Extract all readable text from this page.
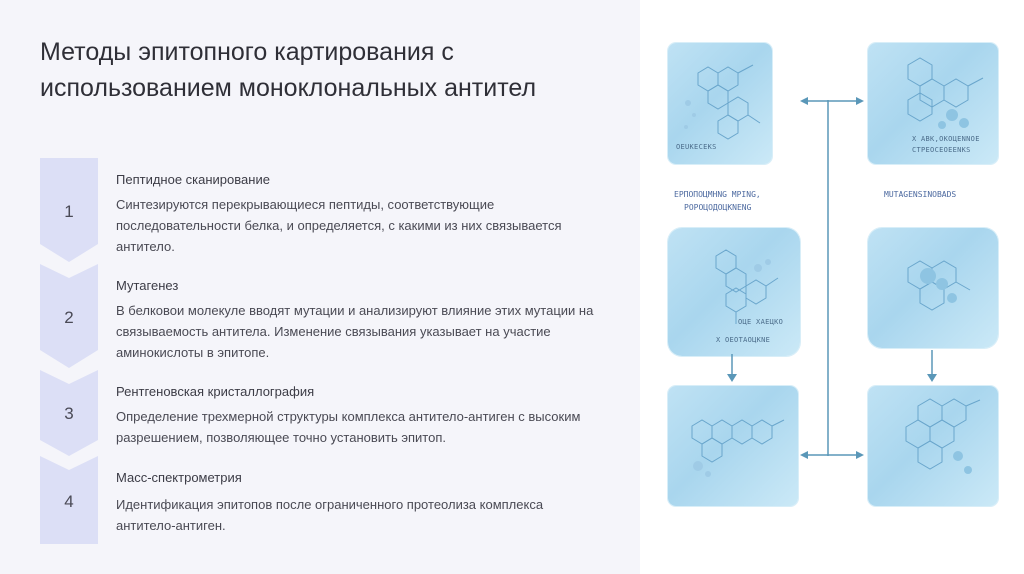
Методы эпитопного картирования с использованием моноклональных антител
1
Пептидное сканирование
Синтезируются перекрывающиеся пептиды, соответствующие последовательности белка, и определяется, с какими из них связывается антитело.
2
Мутагенез
В белковои молекуле вводят мутации и анализируют влияние этих мутации на связываемость антитела. Изменение связывания указывает на участие аминокислоты в эпитопе.
3
Рентгеновская кристаллография
Определение трехмерной структуры комплекса антитело-антиген с высоким разрешением, позволяющее точно установить эпитоп.
4
Масс-спектрометрия
Идентификация эпитопов после ограниченного протеолиза комплекса антитело-антиген.
ОЕUКЕСЕКS
X АВК,ОКОЦЕNNОЕ
СТРЕОСЕОЕЕNКS
ЕРПОПОЦМНNG МРING,
РОРОЦОДОЦКNЕNG
МUТАGЕNSINОВАDS
ОЦЕ ХАЕЦКО
Х ОЕОТАОЦКNЕ
